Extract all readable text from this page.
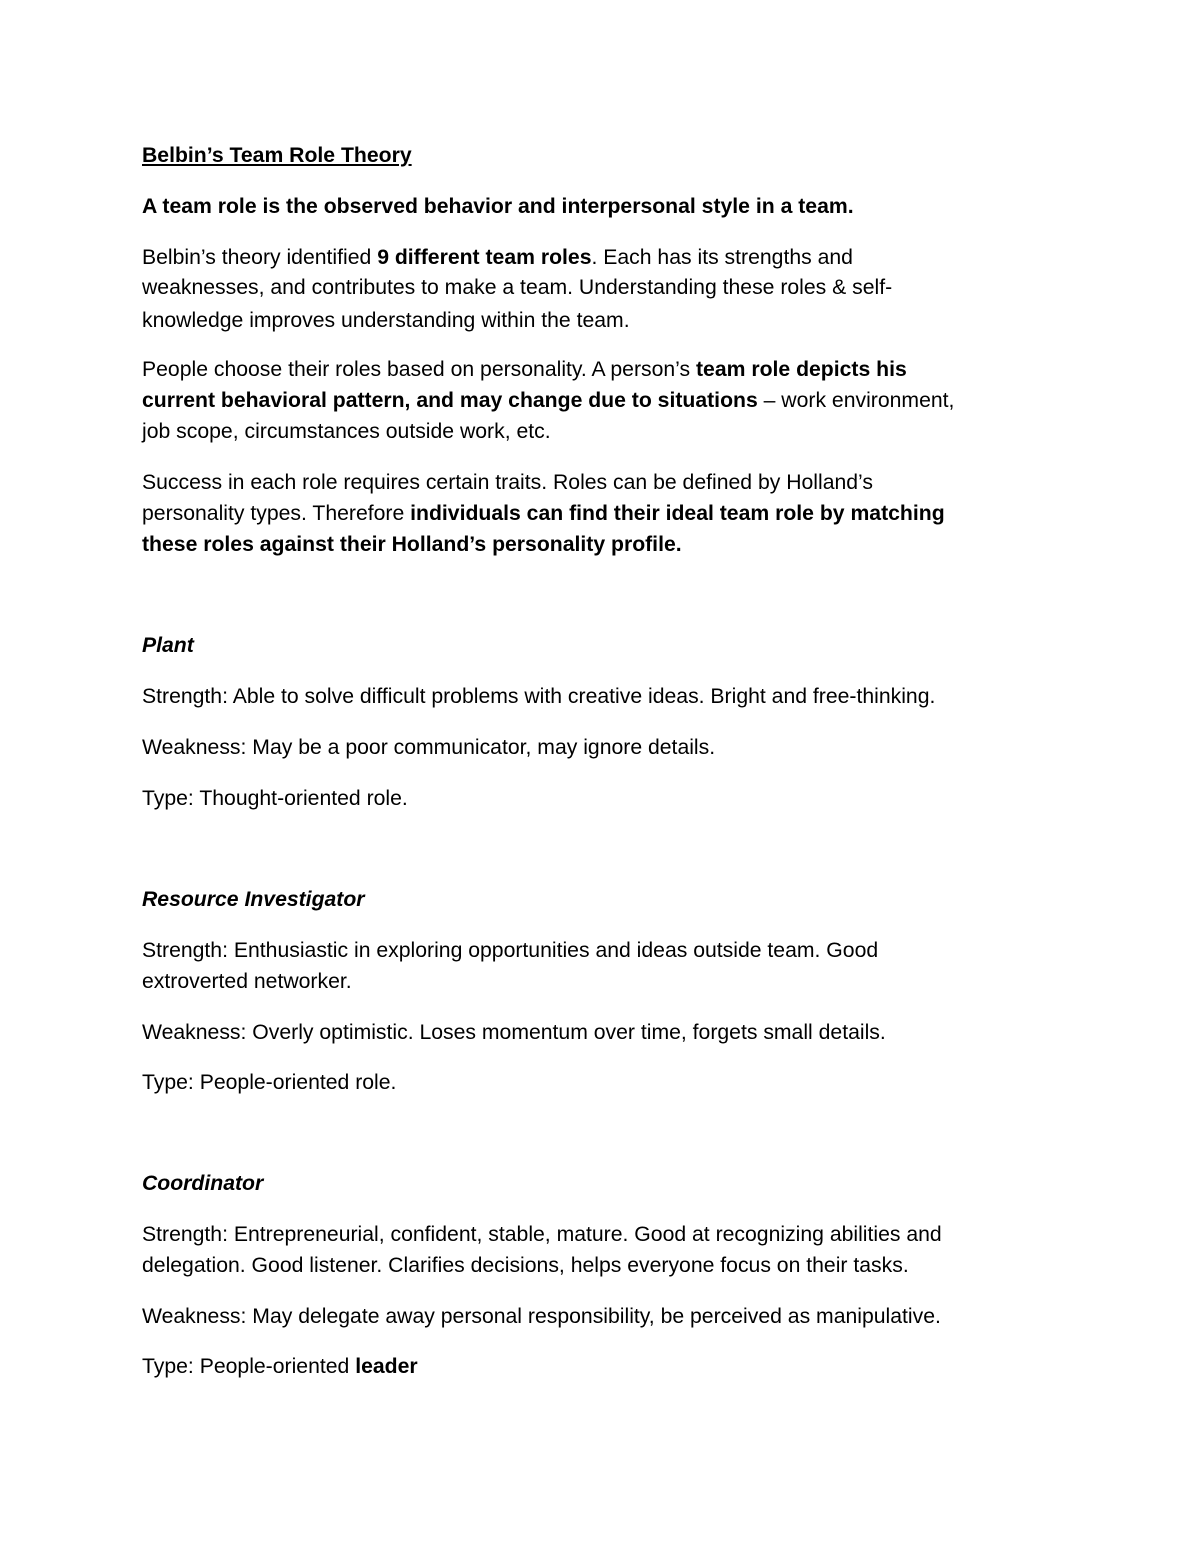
Belbin’s Team Role Theory
A team role is the observed behavior and interpersonal style in a team.
Belbin’s theory identified 9 different team roles. Each has its strengths and
weaknesses, and contributes to make a team. Understanding these roles & self-
knowledge improves understanding within the team.
People choose their roles based on personality. A person’s team role depicts his
current behavioral pattern, and may change due to situations – work environment,
job scope, circumstances outside work, etc.
Success in each role requires certain traits. Roles can be defined by Holland’s
personality types. Therefore individuals can find their ideal team role by matching
these roles against their Holland’s personality profile.
Plant
Strength: Able to solve difficult problems with creative ideas. Bright and free-thinking.
Weakness: May be a poor communicator, may ignore details.
Type: Thought-oriented role.
Resource Investigator
Strength: Enthusiastic in exploring opportunities and ideas outside team. Good
extroverted networker.
Weakness: Overly optimistic. Loses momentum over time, forgets small details.
Type: People-oriented role.
Coordinator
Strength: Entrepreneurial, confident, stable, mature. Good at recognizing abilities and
delegation. Good listener. Clarifies decisions, helps everyone focus on their tasks.
Weakness: May delegate away personal responsibility, be perceived as manipulative.
Type: People-oriented leader
